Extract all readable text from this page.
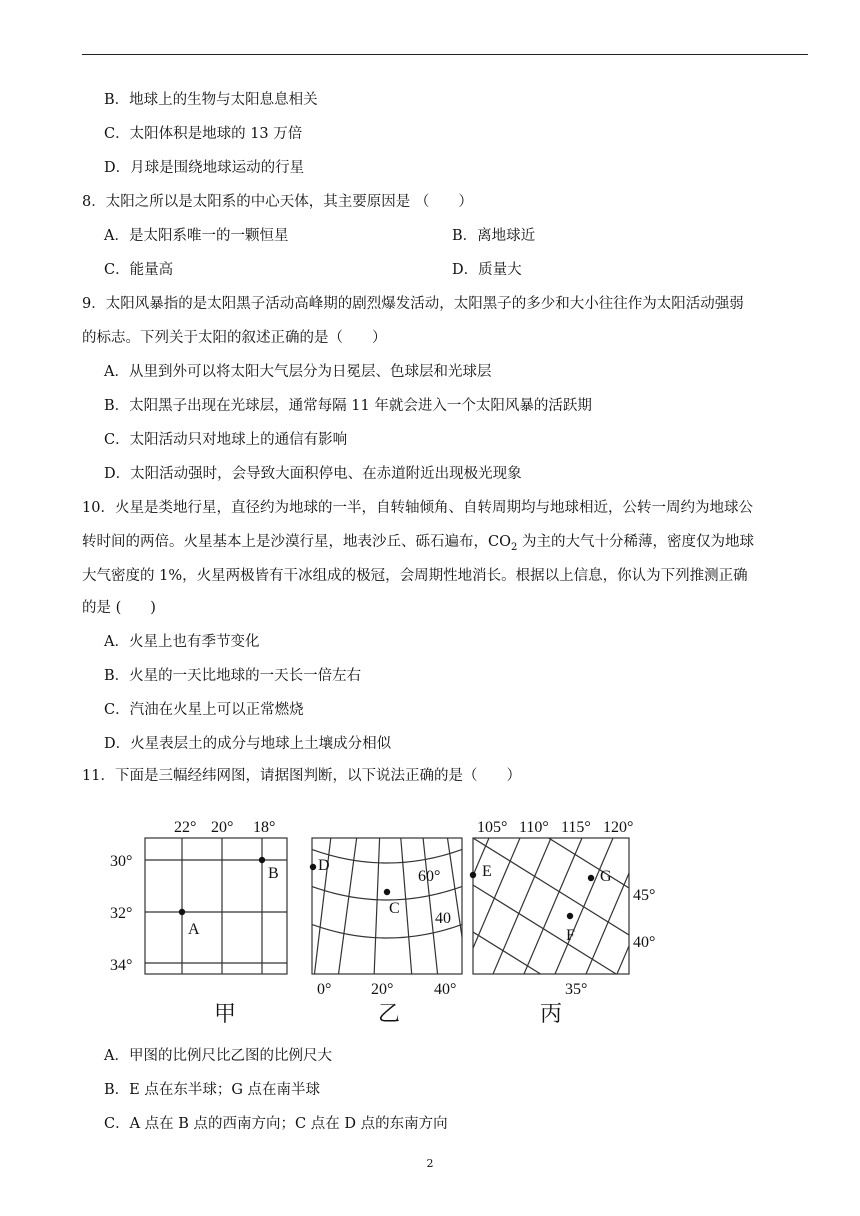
B．地球上的生物与太阳息息相关
C．太阳体积是地球的 13 万倍
D．月球是围绕地球运动的行星
8．太阳之所以是太阳系的中心天体，其主要原因是 （　　）
A．是太阳系唯一的一颗恒星	B．离地球近
C．能量高	D．质量大
9．太阳风暴指的是太阳黑子活动高峰期的剧烈爆发活动，太阳黑子的多少和大小往往作为太阳活动强弱
的标志。下列关于太阳的叙述正确的是（　　）
A．从里到外可以将太阳大气层分为日冕层、色球层和光球层
B．太阳黑子出现在光球层，通常每隔 11 年就会进入一个太阳风暴的活跃期
C．太阳活动只对地球上的通信有影响
D．太阳活动强时，会导致大面积停电、在赤道附近出现极光现象
10．火星是类地行星，直径约为地球的一半，自转轴倾角、自转周期均与地球相近，公转一周约为地球公
转时间的两倍。火星基本上是沙漠行星，地表沙丘、砾石遍布，$CO_2$ 为主的大气十分稀薄，密度仅为地球
大气密度的 1%，火星两极皆有干冰组成的极冠，会周期性地消长。根据以上信息，你认为下列推测正确
的是 (　　)
A．火星上也有季节变化
B．火星的一天比地球的一天长一倍左右
C．汽油在火星上可以正常燃烧
D．火星表层土的成分与地球上土壤成分相似
11．下面是三幅经纬网图，请据图判断，以下说法正确的是（　　）
22° 20° 18°
30°
32°
34°
A
B
甲
D
C
60°
40
0° 20°	40°
乙
E	G
F
105° 110° 115° 120°
45°
40°
35°
丙
A．甲图的比例尺比乙图的比例尺大
B．E 点在东半球；G 点在南半球
C．A 点在 B 点的西南方向；C 点在 D 点的东南方向
2
